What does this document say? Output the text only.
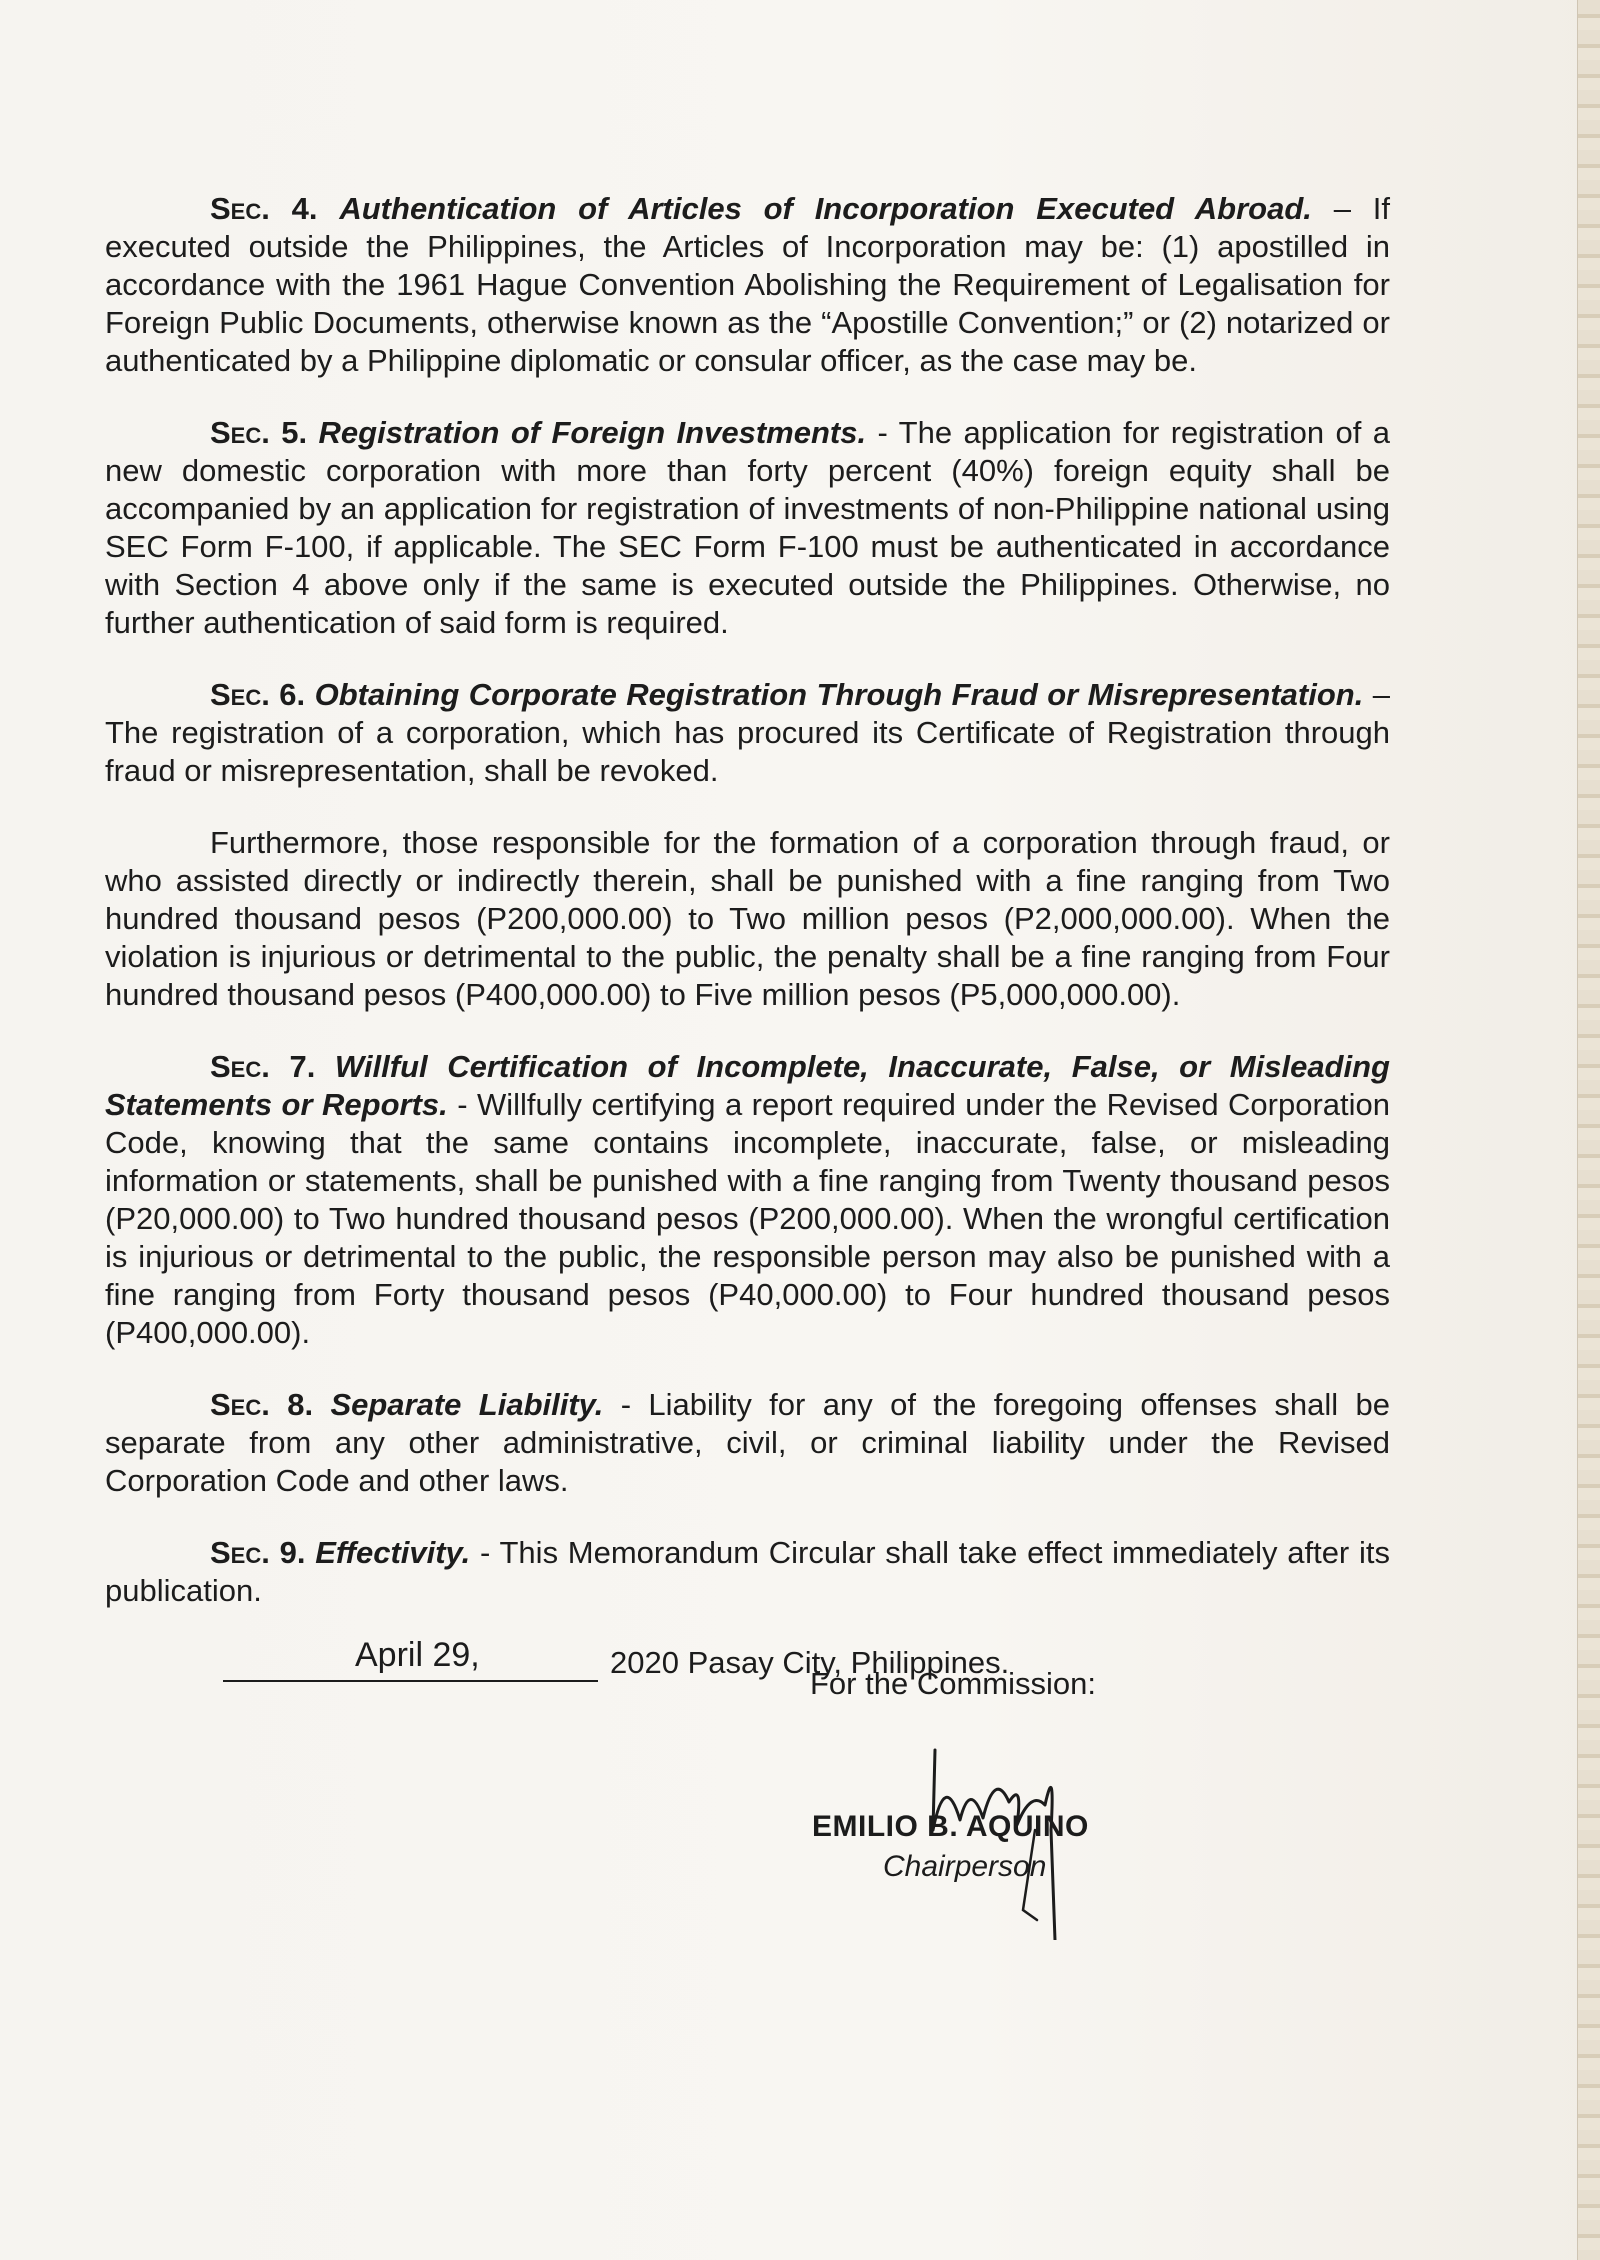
Sec. 4. Authentication of Articles of Incorporation Executed Abroad. – If executed outside the Philippines, the Articles of Incorporation may be: (1) apostilled in accordance with the 1961 Hague Convention Abolishing the Requirement of Legalisation for Foreign Public Documents, otherwise known as the “Apostille Convention;” or (2) notarized or authenticated by a Philippine diplomatic or consular officer, as the case may be.

Sec. 5. Registration of Foreign Investments. - The application for registration of a new domestic corporation with more than forty percent (40%) foreign equity shall be accompanied by an application for registration of investments of non-Philippine national using SEC Form F-100, if applicable. The SEC Form F-100 must be authenticated in accordance with Section 4 above only if the same is executed outside the Philippines. Otherwise, no further authentication of said form is required.

Sec. 6. Obtaining Corporate Registration Through Fraud or Misrepresentation. – The registration of a corporation, which has procured its Certificate of Registration through fraud or misrepresentation, shall be revoked.

Furthermore, those responsible for the formation of a corporation through fraud, or who assisted directly or indirectly therein, shall be punished with a fine ranging from Two hundred thousand pesos (P200,000.00) to Two million pesos (P2,000,000.00). When the violation is injurious or detrimental to the public, the penalty shall be a fine ranging from Four hundred thousand pesos (P400,000.00) to Five million pesos (P5,000,000.00).

Sec. 7. Willful Certification of Incomplete, Inaccurate, False, or Misleading Statements or Reports. - Willfully certifying a report required under the Revised Corporation Code, knowing that the same contains incomplete, inaccurate, false, or misleading information or statements, shall be punished with a fine ranging from Twenty thousand pesos (P20,000.00) to Two hundred thousand pesos (P200,000.00). When the wrongful certification is injurious or detrimental to the public, the responsible person may also be punished with a fine ranging from Forty thousand pesos (P40,000.00) to Four hundred thousand pesos (P400,000.00).

Sec. 8. Separate Liability. - Liability for any of the foregoing offenses shall be separate from any other administrative, civil, or criminal liability under the Revised Corporation Code and other laws.

Sec. 9. Effectivity. - This Memorandum Circular shall take effect immediately after its publication.

April 29,	2020 Pasay City, Philippines.
For the Commission:
EMILIO B. AQUINO
Chairperson
